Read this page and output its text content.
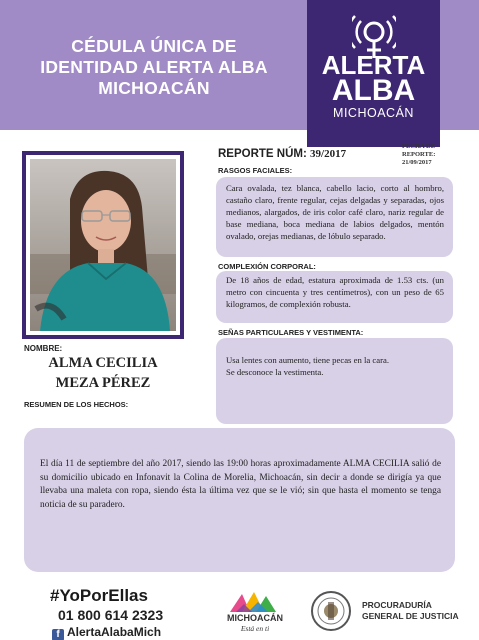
CÉDULA ÚNICA DE
IDENTIDAD ALERTA ALBA
MICHOACÁN
ALERTA
ALBA
MICHOACÁN
REPORTE NÚM: 39/2017
FECHA DE
REPORTE:
21/09/2017
RASGOS FACIALES:
Cara ovalada, tez blanca, cabello lacio, corto al hombro, castaño claro, frente regular, cejas delgadas y separadas, ojos medianos, alargados, de iris color café claro, nariz regular de base mediana, boca mediana de labios delgados, mentón ovalado, orejas medianas, de lóbulo separado.
COMPLEXIÓN CORPORAL:
De 18 años de edad, estatura aproximada de 1.53 cts. (un metro con cincuenta y tres centímetros), con un peso de 65 kilogramos, de complexión robusta.
SEÑAS PARTICULARES Y VESTIMENTA:
Usa lentes con aumento, tiene pecas en la cara.
Se desconoce la vestimenta.
NOMBRE:
ALMA CECILIA
MEZA PÉREZ
RESUMEN DE LOS HECHOS:
El día 11 de septiembre del año 2017, siendo las 19:00 horas aproximadamente ALMA CECILIA salió de su domicilio ubicado en Infonavit la Colina de Morelia, Michoacán, sin decir a donde se dirigía ya que llevaba una maleta con ropa, siendo ésta la última vez que se le vió; sin que hasta el momento se tenga noticia de su paradero.
#YoPorEllas
01 800 614 2323
f AlertaAlabaMich
MICHOACÁN
Está en ti
PROCURADURÍA
GENERAL DE JUSTICIA
